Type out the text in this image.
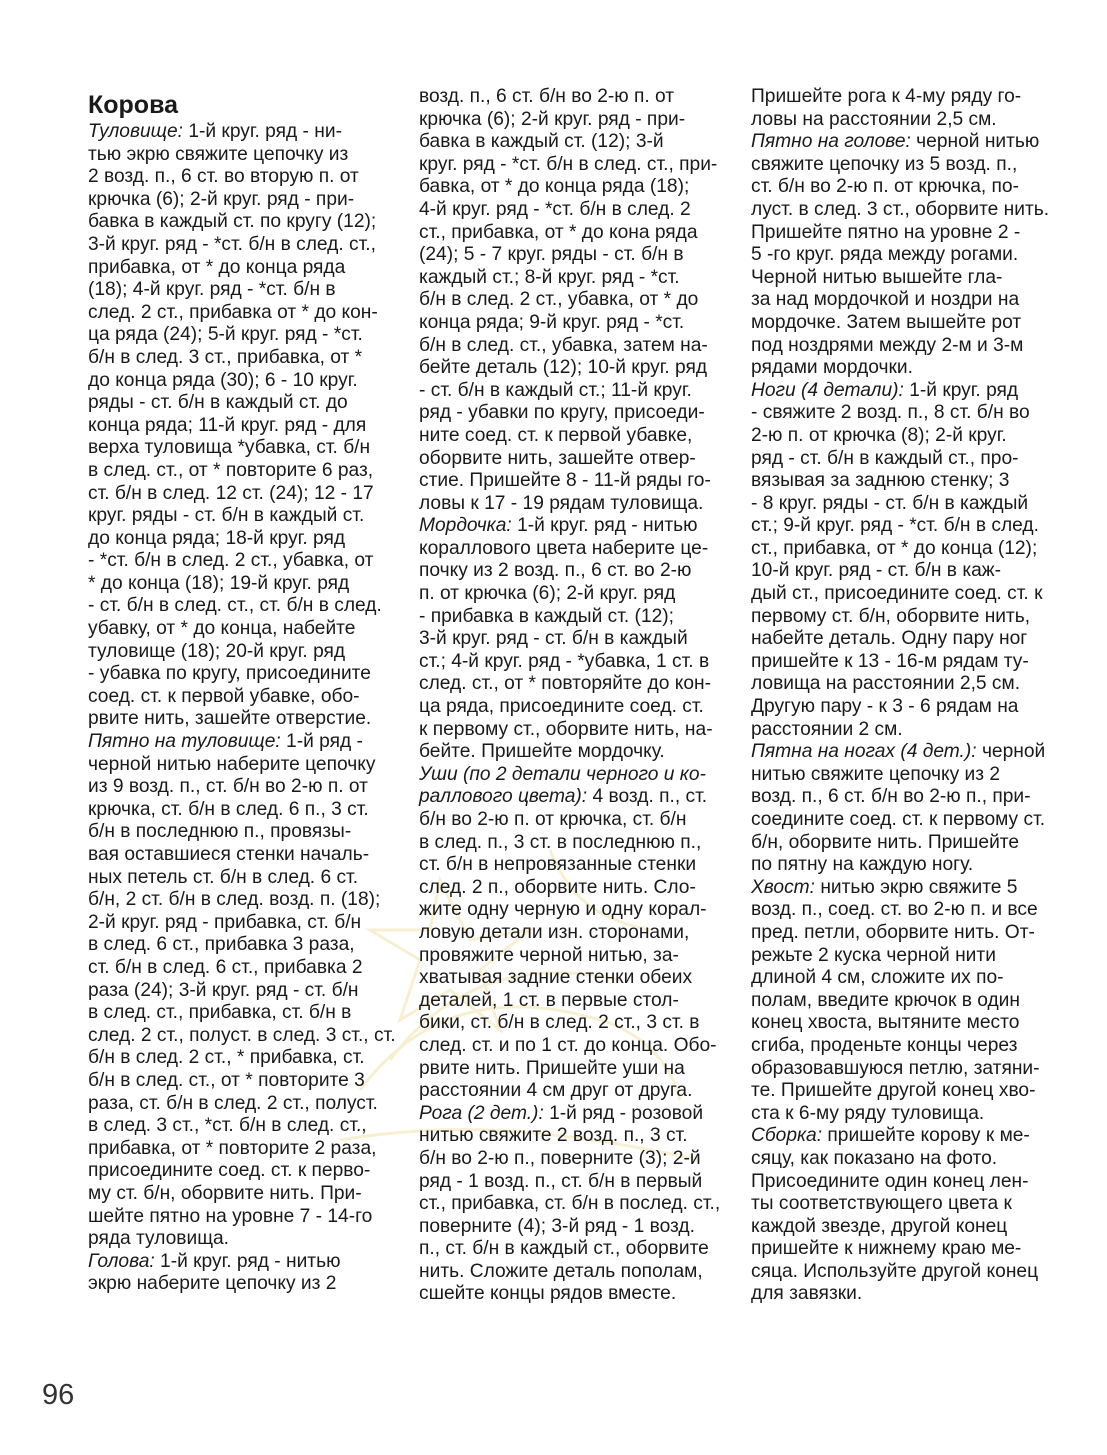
Корова
Туловище: 1-й круг. ряд - ни-
тью экрю свяжите цепочку из
2 возд. п., 6 ст. во вторую п. от
крючка (6); 2-й круг. ряд - при-
бавка в каждый ст. по кругу (12);
3-й круг. ряд - *ст. б/н в след. ст.,
прибавка, от * до конца ряда
(18); 4-й круг. ряд - *ст. б/н в
след. 2 ст., прибавка от * до кон-
ца ряда (24); 5-й круг. ряд - *ст.
б/н в след. 3 ст., прибавка, от *
до конца ряда (30); 6 - 10 круг.
ряды - ст. б/н в каждый ст. до
конца ряда; 11-й круг. ряд - для
верха туловища *убавка, ст. б/н
в след. ст., от * повторите 6 раз,
ст. б/н в след. 12 ст. (24); 12 - 17
круг. ряды - ст. б/н в каждый ст.
до конца ряда; 18-й круг. ряд
- *ст. б/н в след. 2 ст., убавка, от
* до конца (18); 19-й круг. ряд
- ст. б/н в след. ст., ст. б/н в след.
убавку, от * до конца, набейте
туловище (18); 20-й круг. ряд
- убавка по кругу, присоедините
соед. ст. к первой убавке, обо-
рвите нить, зашейте отверстие.
Пятно на туловище: 1-й ряд -
черной нитью наберите цепочку
из 9 возд. п., ст. б/н во 2-ю п. от
крючка, ст. б/н в след. 6 п., 3 ст.
б/н в последнюю п., провязы-
вая оставшиеся стенки началь-
ных петель ст. б/н в след. 6 ст.
б/н, 2 ст. б/н в след. возд. п. (18);
2-й круг. ряд - прибавка, ст. б/н
в след. 6 ст., прибавка 3 раза,
ст. б/н в след. 6 ст., прибавка 2
раза (24); 3-й круг. ряд - ст. б/н
в след. ст., прибавка, ст. б/н в
след. 2 ст., полуст. в след. 3 ст., ст.
б/н в след. 2 ст., * прибавка, ст.
б/н в след. ст., от * повторите 3
раза, ст. б/н в след. 2 ст., полуст.
в след. 3 ст., *ст. б/н в след. ст.,
прибавка, от * повторите 2 раза,
присоедините соед. ст. к перво-
му ст. б/н, оборвите нить. При-
шейте пятно на уровне 7 - 14-го
ряда туловища.
Голова: 1-й круг. ряд - нитью
экрю наберите цепочку из 2
возд. п., 6 ст. б/н во 2-ю п. от
крючка (6); 2-й круг. ряд - при-
бавка в каждый ст. (12); 3-й
круг. ряд - *ст. б/н в след. ст., при-
бавка, от * до конца ряда (18);
4-й круг. ряд - *ст. б/н в след. 2
ст., прибавка, от * до кона ряда
(24); 5 - 7 круг. ряды - ст. б/н в
каждый ст.; 8-й круг. ряд - *ст.
б/н в след. 2 ст., убавка, от * до
конца ряда; 9-й круг. ряд - *ст.
б/н в след. ст., убавка, затем на-
бейте деталь (12); 10-й круг. ряд
- ст. б/н в каждый ст.; 11-й круг.
ряд - убавки по кругу, присоеди-
ните соед. ст. к первой убавке,
оборвите нить, зашейте отвер-
стие. Пришейте 8 - 11-й ряды го-
ловы к 17 - 19 рядам туловища.
Мордочка: 1-й круг. ряд - нитью
кораллового цвета наберите це-
почку из 2 возд. п., 6 ст. во 2-ю
п. от крючка (6); 2-й круг. ряд
- прибавка в каждый ст. (12);
3-й круг. ряд - ст. б/н в каждый
ст.; 4-й круг. ряд - *убавка, 1 ст. в
след. ст., от * повторяйте до кон-
ца ряда, присоедините соед. ст.
к первому ст., оборвите нить, на-
бейте. Пришейте мордочку.
Уши (по 2 детали черного и ко-
раллового цвета): 4 возд. п., ст.
б/н во 2-ю п. от крючка, ст. б/н
в след. п., 3 ст. в последнюю п.,
ст. б/н в непровязанные стенки
след. 2 п., оборвите нить. Сло-
жите одну черную и одну корал-
ловую детали изн. сторонами,
провяжите черной нитью, за-
хватывая задние стенки обеих
деталей, 1 ст. в первые стол-
бики, ст. б/н в след. 2 ст., 3 ст. в
след. ст. и по 1 ст. до конца. Обо-
рвите нить. Пришейте уши на
расстоянии 4 см друг от друга.
Рога (2 дет.): 1-й ряд - розовой
нитью свяжите 2 возд. п., 3 ст.
б/н во 2-ю п., поверните (3); 2-й
ряд - 1 возд. п., ст. б/н в первый
ст., прибавка, ст. б/н в послед. ст.,
поверните (4); 3-й ряд - 1 возд.
п., ст. б/н в каждый ст., оборвите
нить. Сложите деталь пополам,
сшейте концы рядов вместе.
Пришейте рога к 4-му ряду го-
ловы на расстоянии 2,5 см.
Пятно на голове: черной нитью
свяжите цепочку из 5 возд. п.,
ст. б/н во 2-ю п. от крючка, по-
луст. в след. 3 ст., оборвите нить.
Пришейте пятно на уровне 2 -
5 -го круг. ряда между рогами.
Черной нитью вышейте гла-
за над мордочкой и ноздри на
мордочке. Затем вышейте рот
под ноздрями между 2-м и 3-м
рядами мордочки.
Ноги (4 детали): 1-й круг. ряд
- свяжите 2 возд. п., 8 ст. б/н во
2-ю п. от крючка (8); 2-й круг.
ряд - ст. б/н в каждый ст., про-
вязывая за заднюю стенку; 3
- 8 круг. ряды - ст. б/н в каждый
ст.; 9-й круг. ряд - *ст. б/н в след.
ст., прибавка, от * до конца (12);
10-й круг. ряд - ст. б/н в каж-
дый ст., присоедините соед. ст. к
первому ст. б/н, оборвите нить,
набейте деталь. Одну пару ног
пришейте к 13 - 16-м рядам ту-
ловища на расстоянии 2,5 см.
Другую пару - к 3 - 6 рядам на
расстоянии 2 см.
Пятна на ногах (4 дет.): черной
нитью свяжите цепочку из 2
возд. п., 6 ст. б/н во 2-ю п., при-
соедините соед. ст. к первому ст.
б/н, оборвите нить. Пришейте
по пятну на каждую ногу.
Хвост: нитью экрю свяжите 5
возд. п., соед. ст. во 2-ю п. и все
пред. петли, оборвите нить. От-
режьте 2 куска черной нити
длиной 4 см, сложите их по-
полам, введите крючок в один
конец хвоста, вытяните место
сгиба, проденьте концы через
образовавшуюся петлю, затяни-
те. Пришейте другой конец хво-
ста к 6-му ряду туловища.
Сборка: пришейте корову к ме-
сяцу, как показано на фото.
Присоедините один конец лен-
ты соответствующего цвета к
каждой звезде, другой конец
пришейте к нижнему краю ме-
сяца. Используйте другой конец
для завязки.
96
